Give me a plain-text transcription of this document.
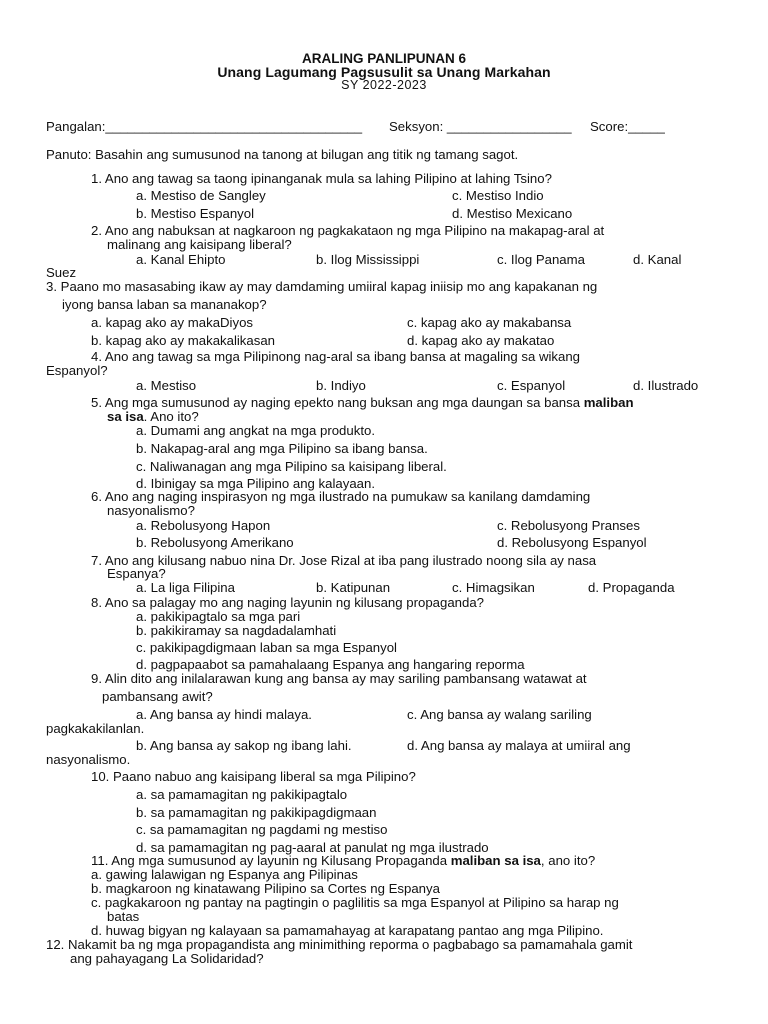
ARALING PANLIPUNAN 6
Unang Lagumang Pagsusulit sa Unang Markahan
SY 2022-2023
Pangalan:___________________________________ Seksyon: _________________ Score:_____
Panuto: Basahin ang sumusunod na tanong at bilugan ang titik ng tamang sagot.
1. Ano ang tawag sa taong ipinanganak mula sa lahing Pilipino at lahing Tsino?
a. Mestiso de Sangley	c. Mestiso Indio
b. Mestiso Espanyol	d. Mestiso Mexicano
2. Ano ang nabuksan at nagkaroon ng pagkakataon ng mga Pilipino na makapag-aral at
malinang ang kaisipang liberal?
a. Kanal Ehipto	b. Ilog Mississippi	c. Ilog Panama	d. Kanal
Suez
3. Paano mo masasabing ikaw ay may damdaming umiiral kapag iniisip mo ang kapakanan ng
iyong bansa laban sa mananakop?
a. kapag ako ay makaDiyos	c. kapag ako ay makabansa
b. kapag ako ay makakalikasan	d. kapag ako ay makatao
4. Ano ang tawag sa mga Pilipinong nag-aral sa ibang bansa at magaling sa wikang
Espanyol?
a. Mestiso	b. Indiyo	c. Espanyol	d. Ilustrado
5. Ang mga sumusunod ay naging epekto nang buksan ang mga daungan sa bansa maliban
sa isa. Ano ito?
a. Dumami ang angkat na mga produkto.
b. Nakapag-aral ang mga Pilipino sa ibang bansa.
c. Naliwanagan ang mga Pilipino sa kaisipang liberal.
d. Ibinigay sa mga Pilipino ang kalayaan.
6. Ano ang naging inspirasyon ng mga ilustrado na pumukaw sa kanilang damdaming
nasyonalismo?
a. Rebolusyong Hapon	c. Rebolusyong Pranses
b. Rebolusyong Amerikano	d. Rebolusyong Espanyol
7. Ano ang kilusang nabuo nina Dr. Jose Rizal at iba pang ilustrado noong sila ay nasa
Espanya?
a. La liga Filipina	b. Katipunan	c. Himagsikan	d. Propaganda
8. Ano sa palagay mo ang naging layunin ng kilusang propaganda?
a. pakikipagtalo sa mga pari
b. pakikiramay sa nagdadalamhati
c. pakikipagdigmaan laban sa mga Espanyol
d. pagpapaabot sa pamahalaang Espanya ang hangaring reporma
9. Alin dito ang inilalarawan kung ang bansa ay may sariling pambansang watawat at
pambansang awit?
a. Ang bansa ay hindi malaya.	c. Ang bansa ay walang sariling
pagkakakilanlan.
b. Ang bansa ay sakop ng ibang lahi.	d. Ang bansa ay malaya at umiiral ang
nasyonalismo.
10. Paano nabuo ang kaisipang liberal sa mga Pilipino?
a. sa pamamagitan ng pakikipagtalo
b. sa pamamagitan ng pakikipagdigmaan
c. sa pamamagitan ng pagdami ng mestiso
d. sa pamamagitan ng pag-aaral at panulat ng mga ilustrado
11. Ang mga sumusunod ay layunin ng Kilusang Propaganda maliban sa isa, ano ito?
a. gawing lalawigan ng Espanya ang Pilipinas
b. magkaroon ng kinatawang Pilipino sa Cortes ng Espanya
c. pagkakaroon ng pantay na pagtingin o paglilitis sa mga Espanyol at Pilipino sa harap ng
batas
d. huwag bigyan ng kalayaan sa pamamahayag at karapatang pantao ang mga Pilipino.
12. Nakamit ba ng mga propagandista ang minimithing reporma o pagbabago sa pamamahala gamit
ang pahayagang La Solidaridad?
